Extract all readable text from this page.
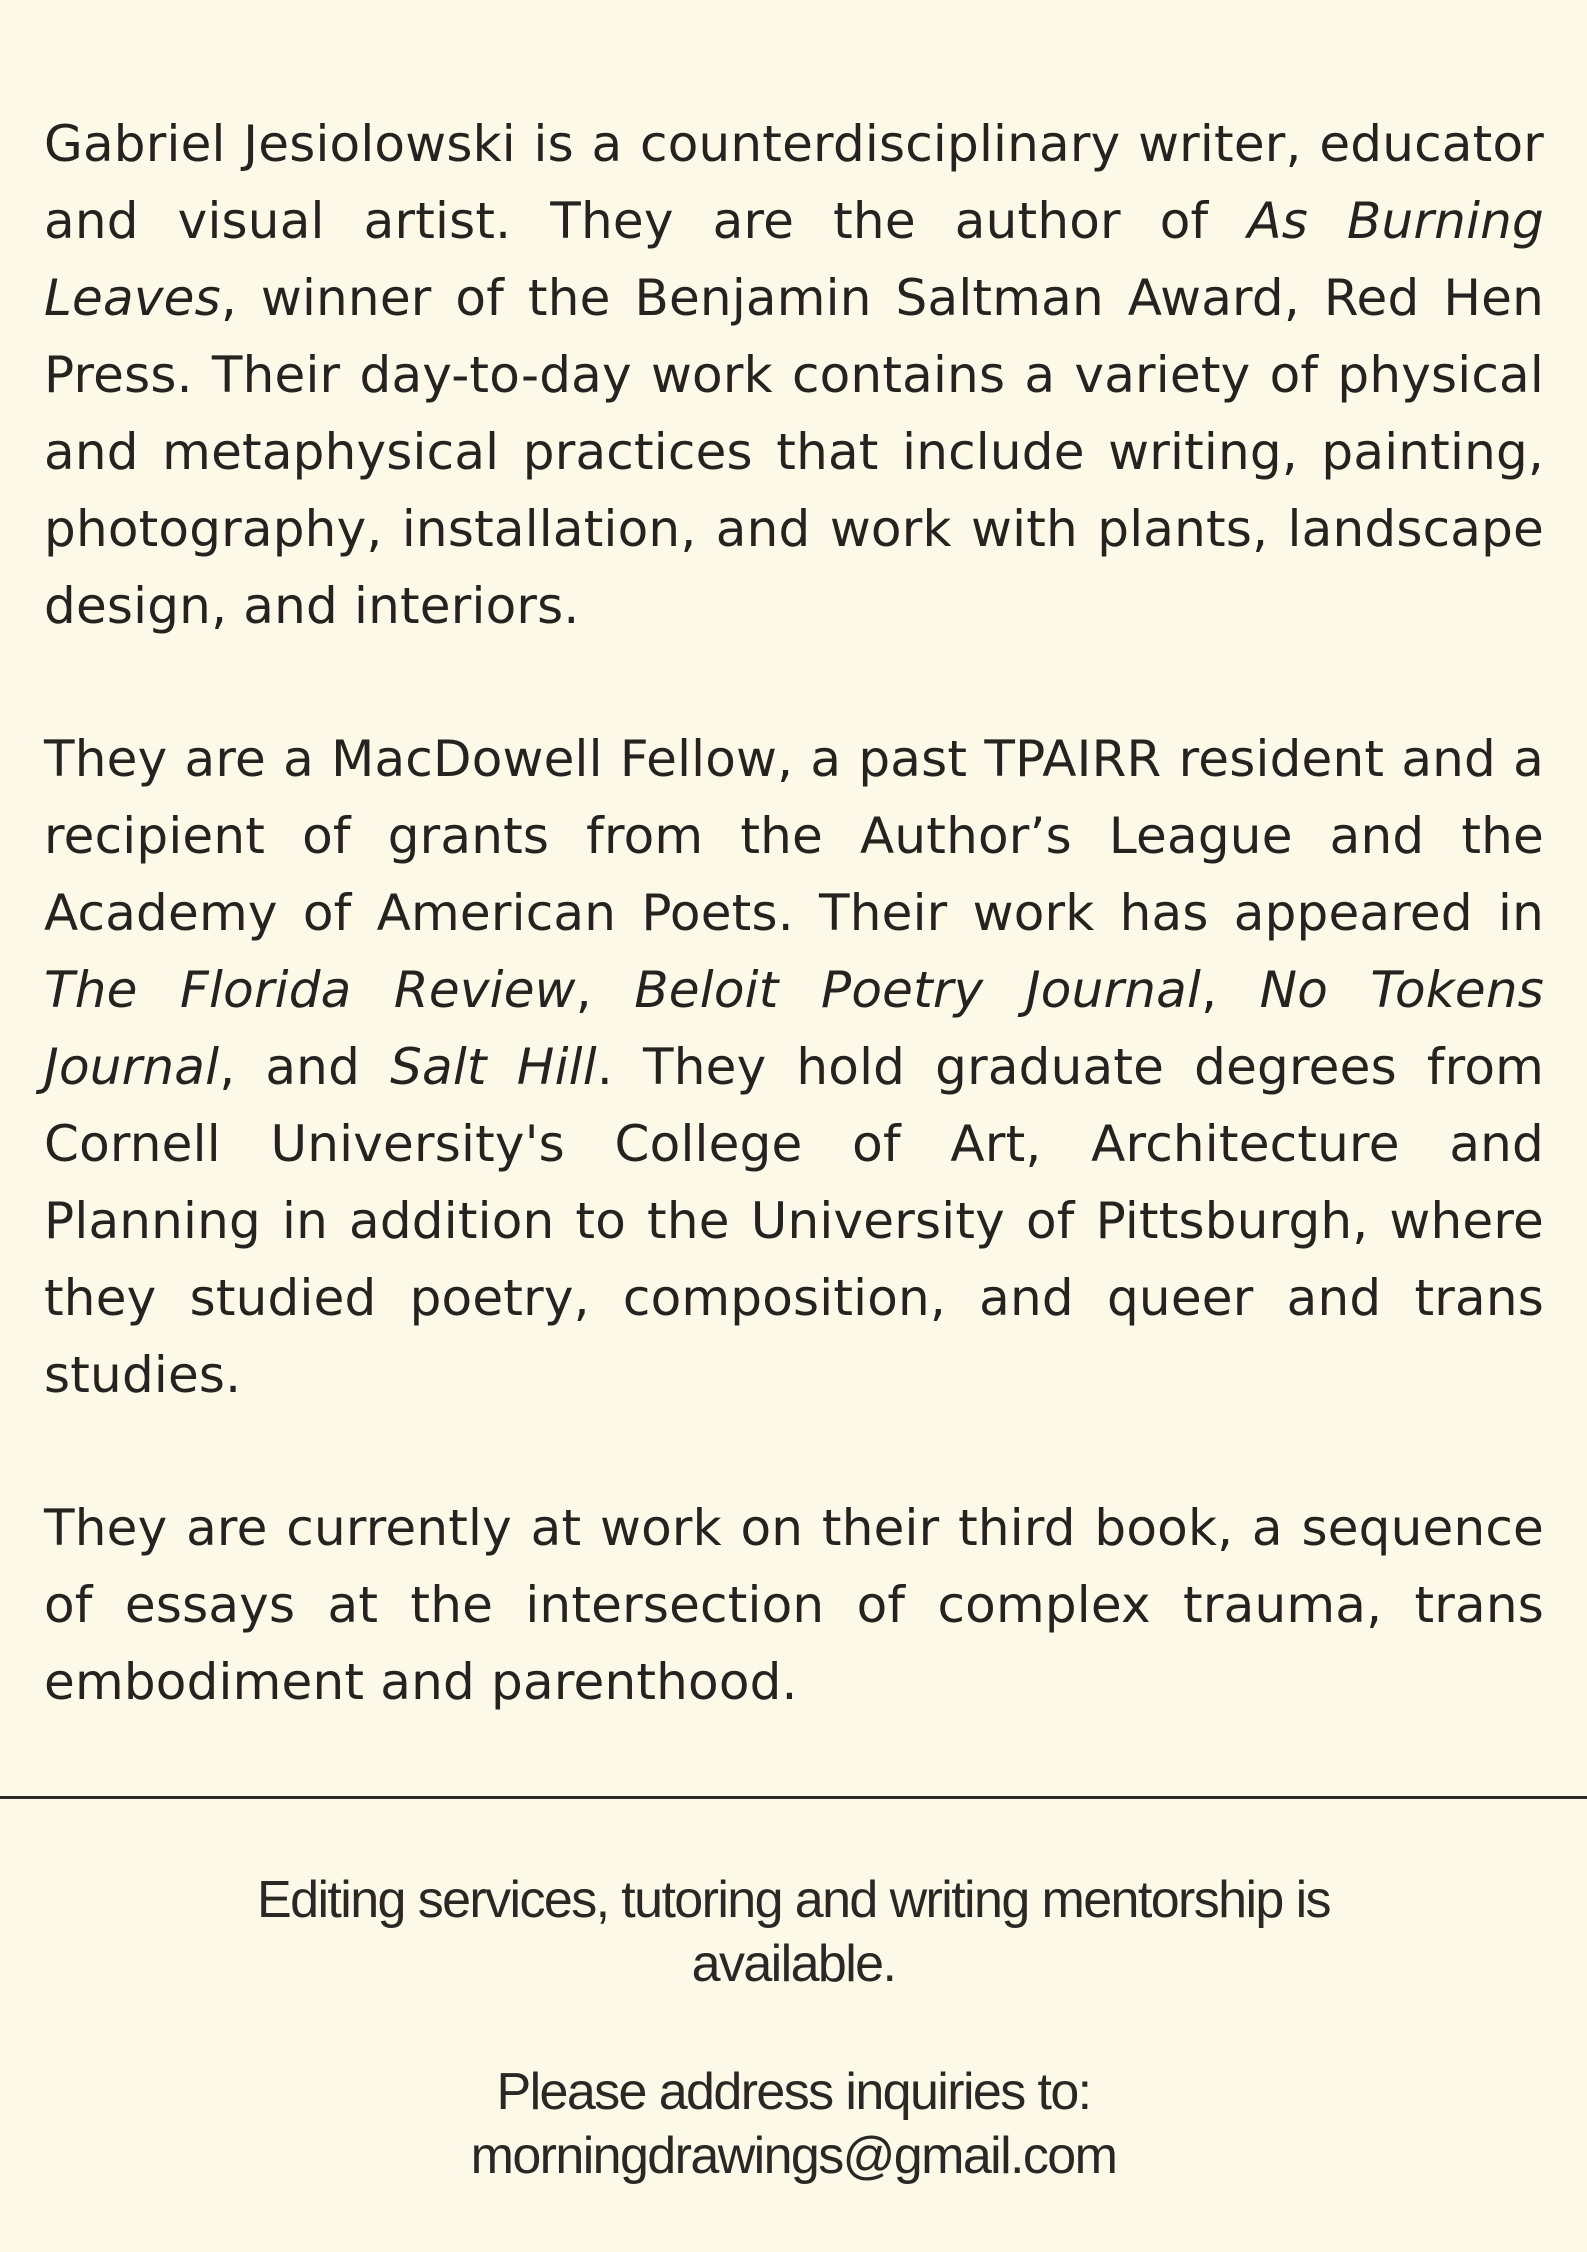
Gabriel Jesiolowski is a counterdisciplinary writer, educator and visual artist. They are the author of As Burning Leaves, winner of the Benjamin Saltman Award, Red Hen Press. Their day-to-day work contains a variety of physical and metaphysical practices that include writing, painting, photography, installation, and work with plants, landscape design, and interiors.

They are a MacDowell Fellow, a past TPAIRR resident and a recipient of grants from the Author’s League and the Academy of American Poets. Their work has appeared in The Florida Review, Beloit Poetry Journal, No Tokens Journal, and Salt Hill. They hold graduate degrees from Cornell University's College of Art, Architecture and Planning in addition to the University of Pittsburgh, where they studied poetry, composition, and queer and trans studies.

They are currently at work on their third book, a sequence of essays at the intersection of complex trauma, trans embodiment and parenthood.

Editing services, tutoring and writing mentorship is
available.

Please address inquiries to:
morningdrawings@gmail.com
